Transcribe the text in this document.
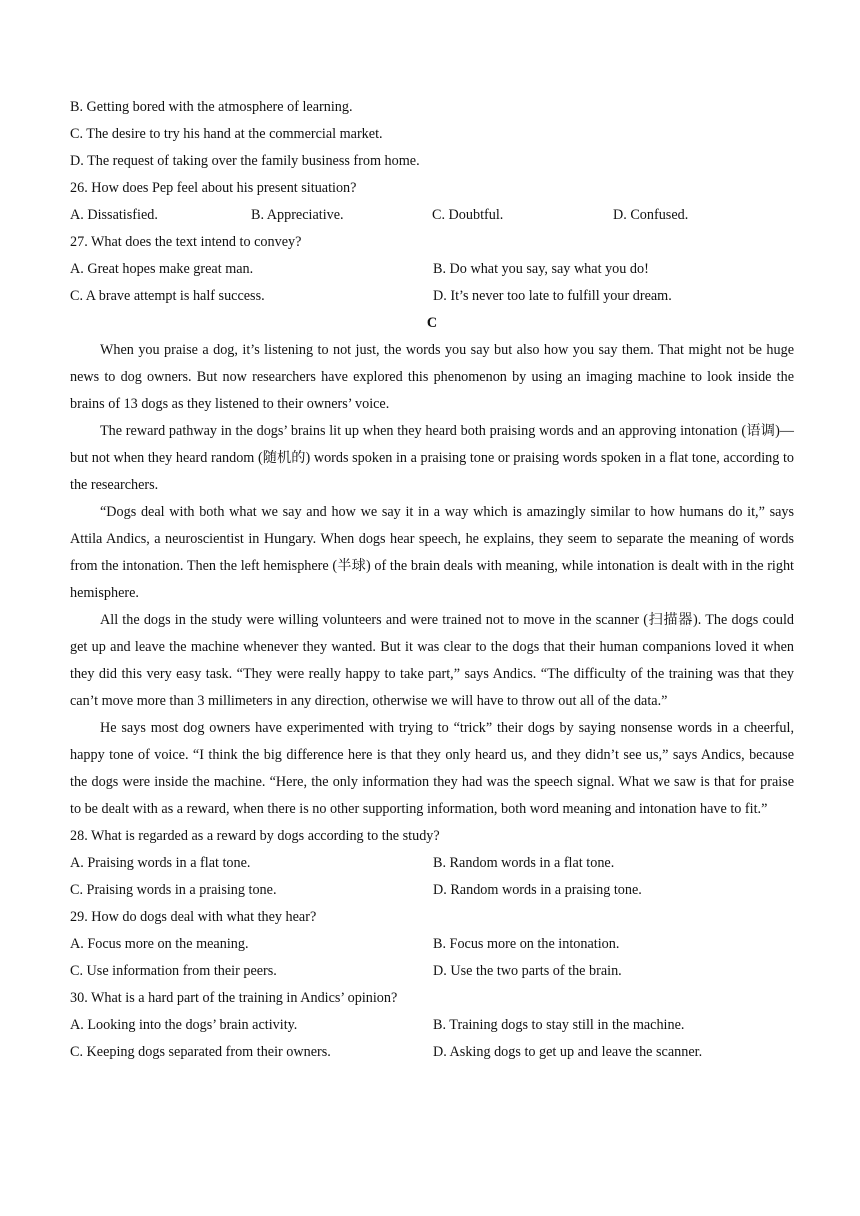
B. Getting bored with the atmosphere of learning.
C. The desire to try his hand at the commercial market.
D. The request of taking over the family business from home.
26. How does Pep feel about his present situation?
A. Dissatisfied.	B. Appreciative.	C. Doubtful.	D. Confused.
27. What does the text intend to convey?
A. Great hopes make great man.	B. Do what you say, say what you do!
C. A brave attempt is half success.	D. It’s never too late to fulfill your dream.
C

When you praise a dog, it’s listening to not just, the words you say but also how you say them. That might not be huge news to dog owners. But now researchers have explored this phenomenon by using an imaging machine to look inside the brains of 13 dogs as they listened to their owners’ voice.

The reward pathway in the dogs’ brains lit up when they heard both praising words and an approving intonation (语调)—but not when they heard random (随机的) words spoken in a praising tone or praising words spoken in a flat tone, according to the researchers.

“Dogs deal with both what we say and how we say it in a way which is amazingly similar to how humans do it,” says Attila Andics, a neuroscientist in Hungary. When dogs hear speech, he explains, they seem to separate the meaning of words from the intonation. Then the left hemisphere (半球) of the brain deals with meaning, while intonation is dealt with in the right hemisphere.

All the dogs in the study were willing volunteers and were trained not to move in the scanner (扫描器). The dogs could get up and leave the machine whenever they wanted. But it was clear to the dogs that their human companions loved it when they did this very easy task. “They were really happy to take part,” says Andics. “The difficulty of the training was that they can’t move more than 3 millimeters in any direction, otherwise we will have to throw out all of the data.”

He says most dog owners have experimented with trying to “trick” their dogs by saying nonsense words in a cheerful, happy tone of voice. “I think the big difference here is that they only heard us, and they didn’t see us,” says Andics, because the dogs were inside the machine. “Here, the only information they had was the speech signal. What we saw is that for praise to be dealt with as a reward, when there is no other supporting information, both word meaning and intonation have to fit.”

28. What is regarded as a reward by dogs according to the study?
A. Praising words in a flat tone.	B. Random words in a flat tone.
C. Praising words in a praising tone.	D. Random words in a praising tone.
29. How do dogs deal with what they hear?
A. Focus more on the meaning.	B. Focus more on the intonation.
C. Use information from their peers.	D. Use the two parts of the brain.
30. What is a hard part of the training in Andics’ opinion?
A. Looking into the dogs’ brain activity.	B. Training dogs to stay still in the machine.
C. Keeping dogs separated from their owners.	D. Asking dogs to get up and leave the scanner.
